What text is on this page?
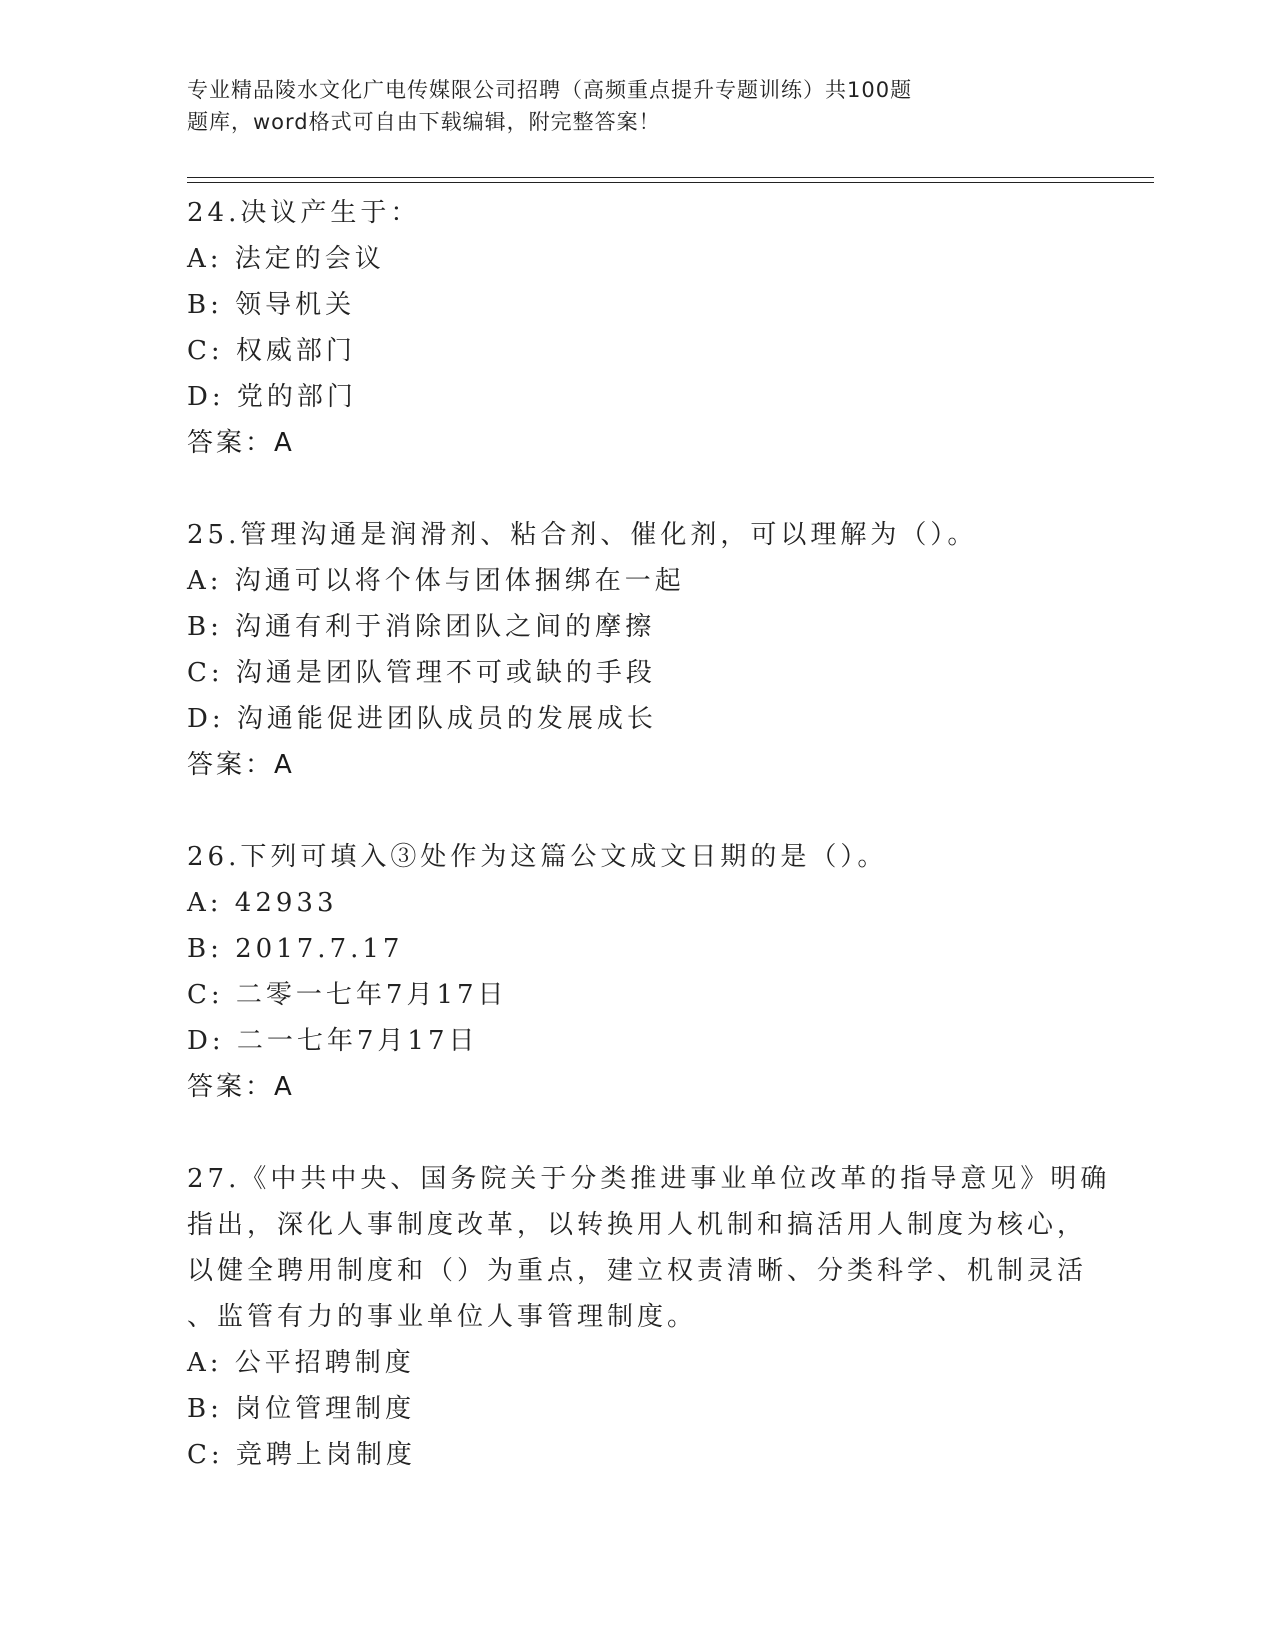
专业精品陵水文化广电传媒限公司招聘（高频重点提升专题训练）共100题
题库，word格式可自由下载编辑，附完整答案！
24.决议产生于：
A: 法定的会议
B: 领导机关
C: 权威部门
D: 党的部门
答案：A
25.管理沟通是润滑剂、粘合剂、催化剂，可以理解为（）。
A: 沟通可以将个体与团体捆绑在一起
B: 沟通有利于消除团队之间的摩擦
C: 沟通是团队管理不可或缺的手段
D: 沟通能促进团队成员的发展成长
答案：A
26.下列可填入③处作为这篇公文成文日期的是（）。
A: 42933
B: 2017.7.17
C: 二零一七年7月17日
D: 二一七年7月17日
答案：A
27.《中共中央、国务院关于分类推进事业单位改革的指导意见》明确
指出，深化人事制度改革，以转换用人机制和搞活用人制度为核心，
以健全聘用制度和（）为重点，建立权责清晰、分类科学、机制灵活
、监管有力的事业单位人事管理制度。
A: 公平招聘制度
B: 岗位管理制度
C: 竞聘上岗制度
